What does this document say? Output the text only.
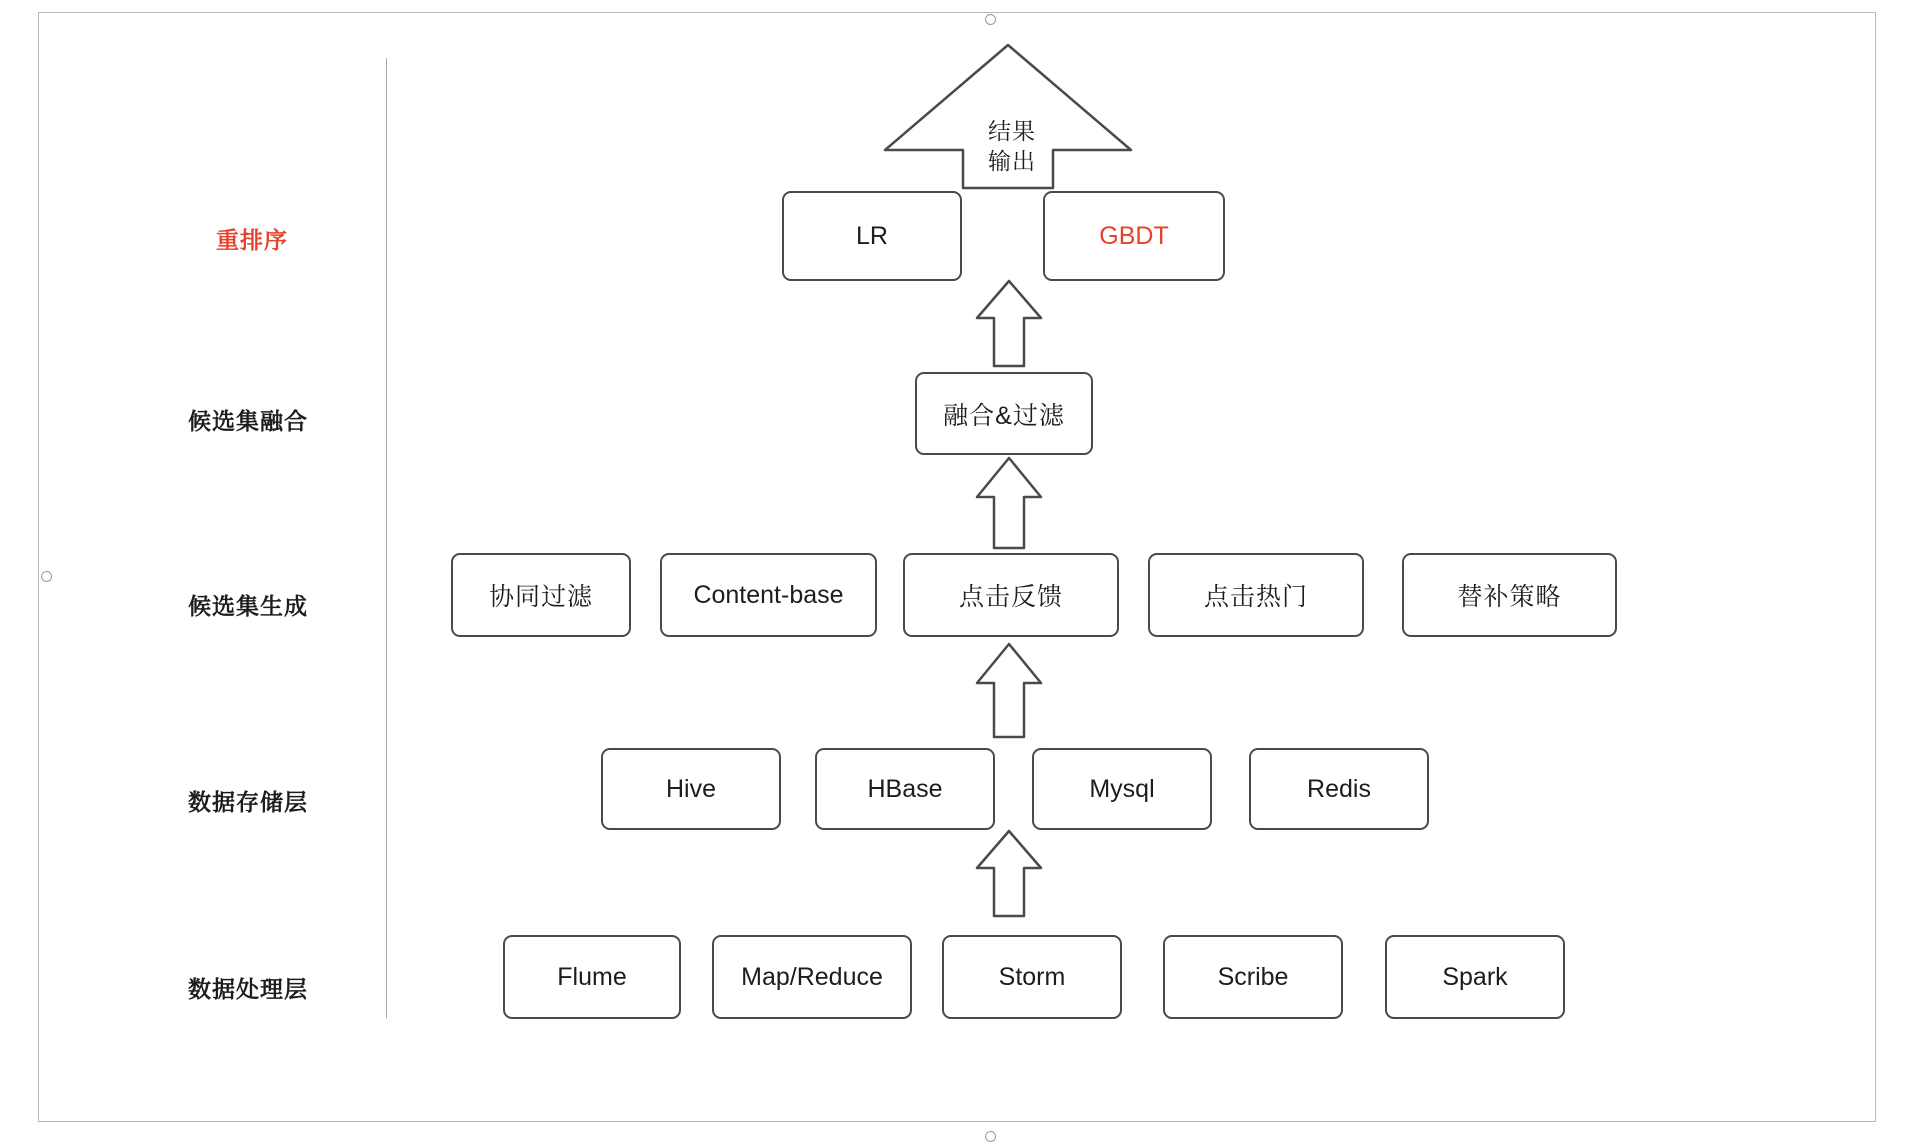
结果
输出
重排序
候选集融合
候选集生成
数据存储层
数据处理层
LR	GBDT
融合&过滤
协同过滤	Content-base	点击反馈	点击热门	替补策略
Hive	HBase	Mysql	Redis
Flume	Map/Reduce	Storm	Scribe	Spark
